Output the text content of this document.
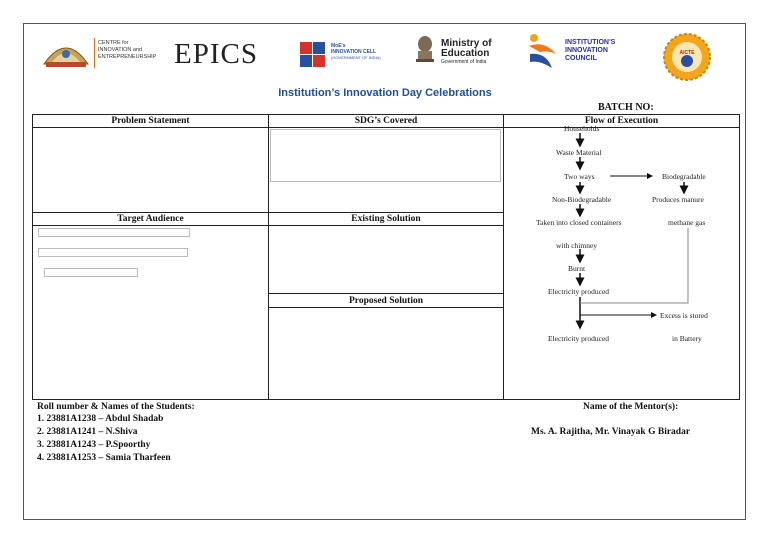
CENTRE for
INNOVATION and
ENTREPRENEURSHIP EPICS	MoE's
INNOVATION CELL
(GOVERNMENT OF INDIA)
Ministry of
Education
Government of India
INSTITUTION'S
INNOVATION
COUNCIL
AICTE
Institution’s Innovation Day Celebrations
BATCH NO:
Problem Statement	SDG’s Covered	Flow of Execution
Target Audience	Existing Solution
Proposed Solution
Households
Waste Material
Two ways	Biodegradable
Produces manure
Non-Biodegradable
Taken into closed containers	methane gas
with chimney
Burnt
Electricity produced
Excess is stored
Electricity produced	in Battery
Roll number & Names of the Students:
1. 23881A1238 – Abdul Shadab
2. 23881A1241 – N.Shiva
3. 23881A1243 – P.Spoorthy
4. 23881A1253 – Samia Tharfeen
Name of the Mentor(s):
Ms. A. Rajitha, Mr. Vinayak G Biradar
